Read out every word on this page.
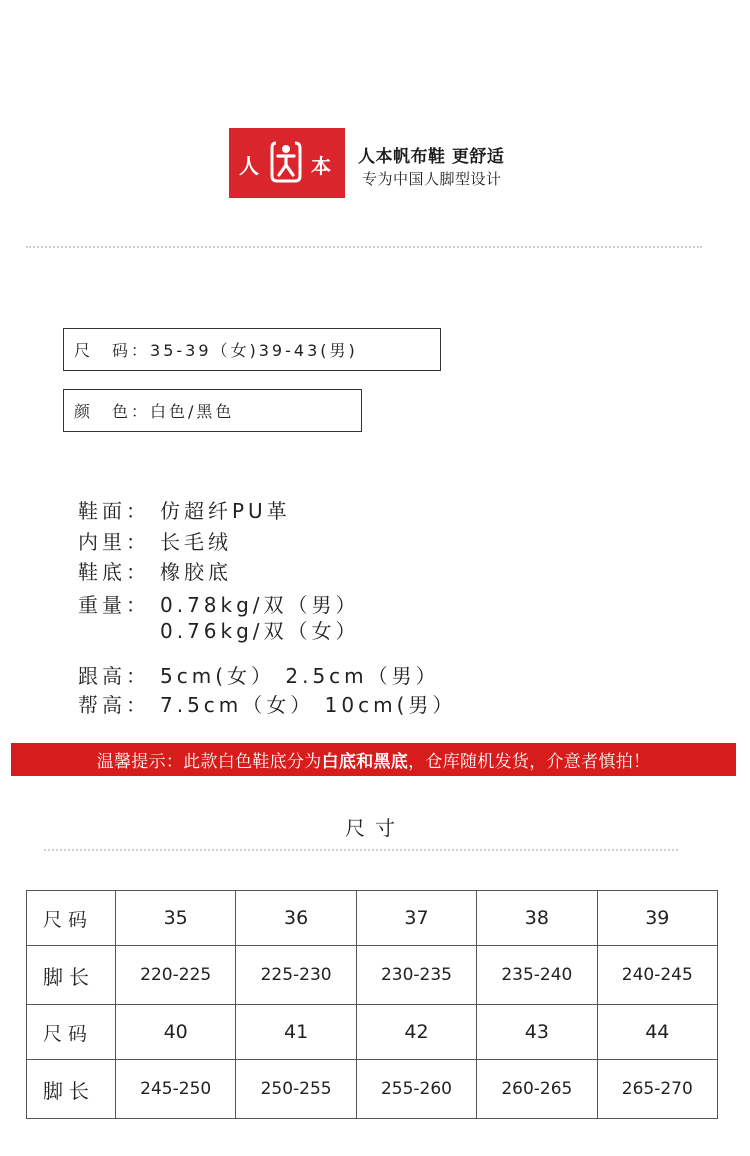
人	本 人本帆布鞋 更舒适
专为中国人脚型设计
尺　码： 35-39（女)39-43(男)
颜　色： 白色/黑色
鞋面： 仿超纤PU革
内里： 长毛绒
鞋底： 橡胶底
重量： 0.78kg/双（男）
0.76kg/双（女）
跟高： 5cm(女） 2.5cm（男）
帮高： 7.5cm（女） 10cm(男）
温馨提示：此款白色鞋底分为 白底和黑底 ，仓库随机发货，介意者慎拍！
尺寸
尺码	35	36	37	38	39
脚长	220-225	225-230	230-235	235-240	240-245
尺码	40	41	42	43	44
脚长	245-250	250-255	255-260	260-265	265-270
